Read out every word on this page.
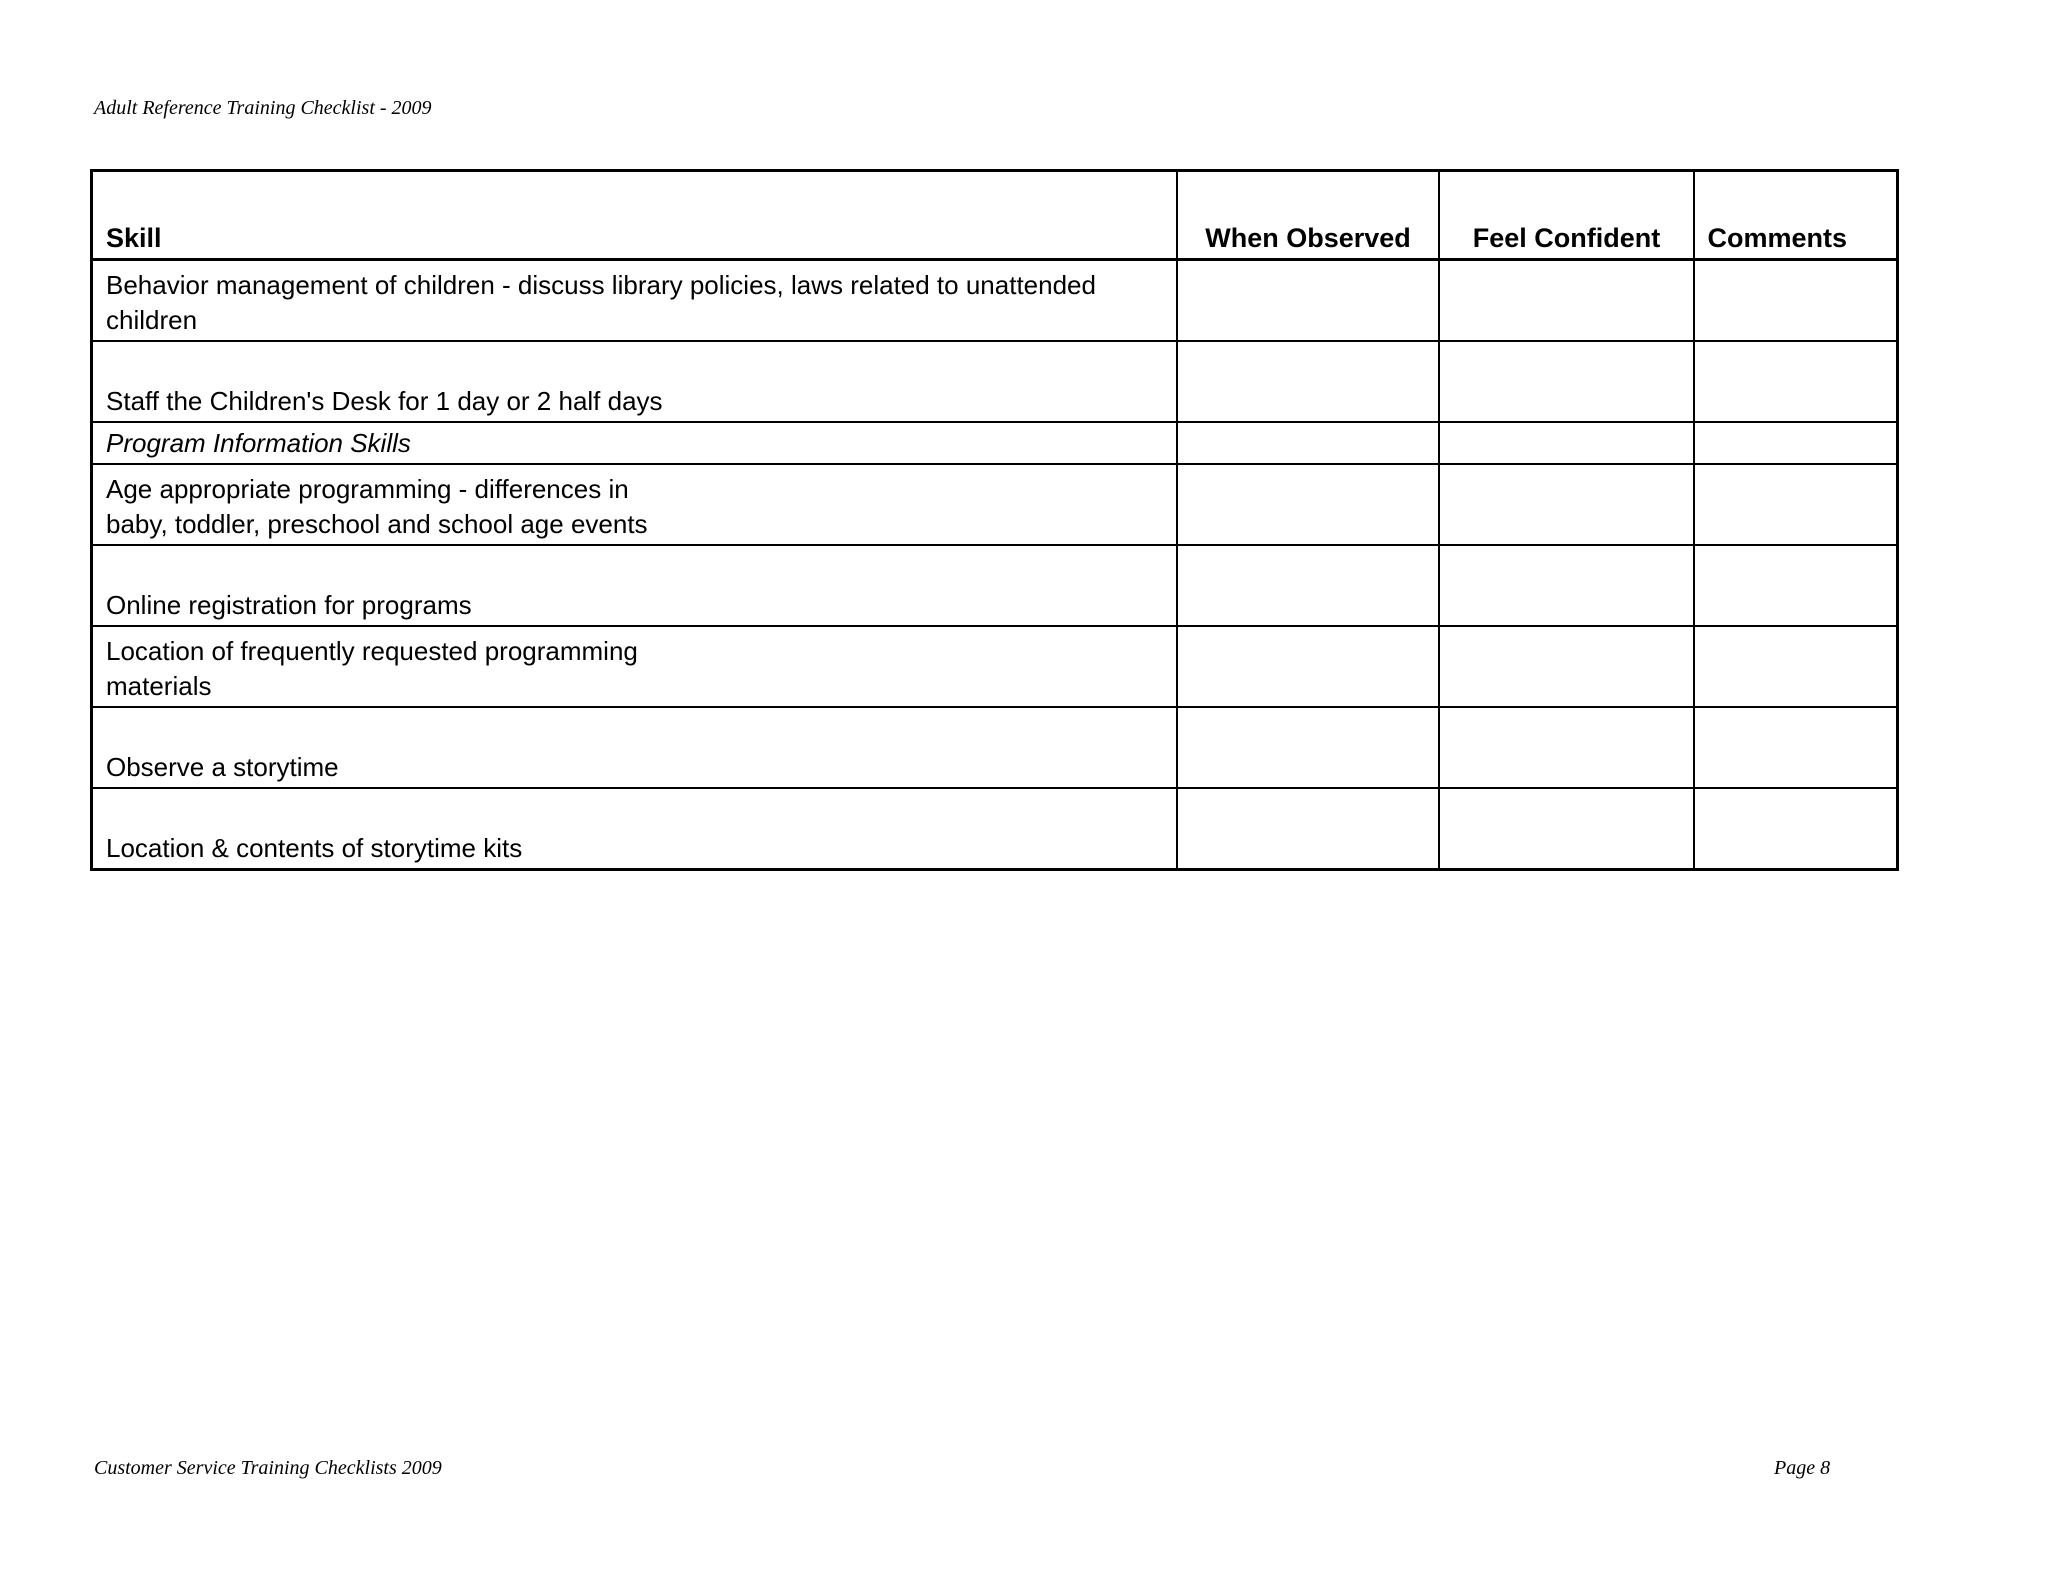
Adult Reference Training Checklist - 2009
Skill	When Observed	Feel Confident	Comments

Behavior management of children - discuss library policies, laws related to unattended
children			

Staff the Children's Desk for 1 day or 2 half days			

Program Information Skills			

Age appropriate programming - differences in
baby, toddler, preschool and school age events			

Online registration for programs			

Location of frequently requested programming
materials			

Observe a storytime			

Location & contents of storytime kits			

Customer Service Training Checklists 2009	Page 8
